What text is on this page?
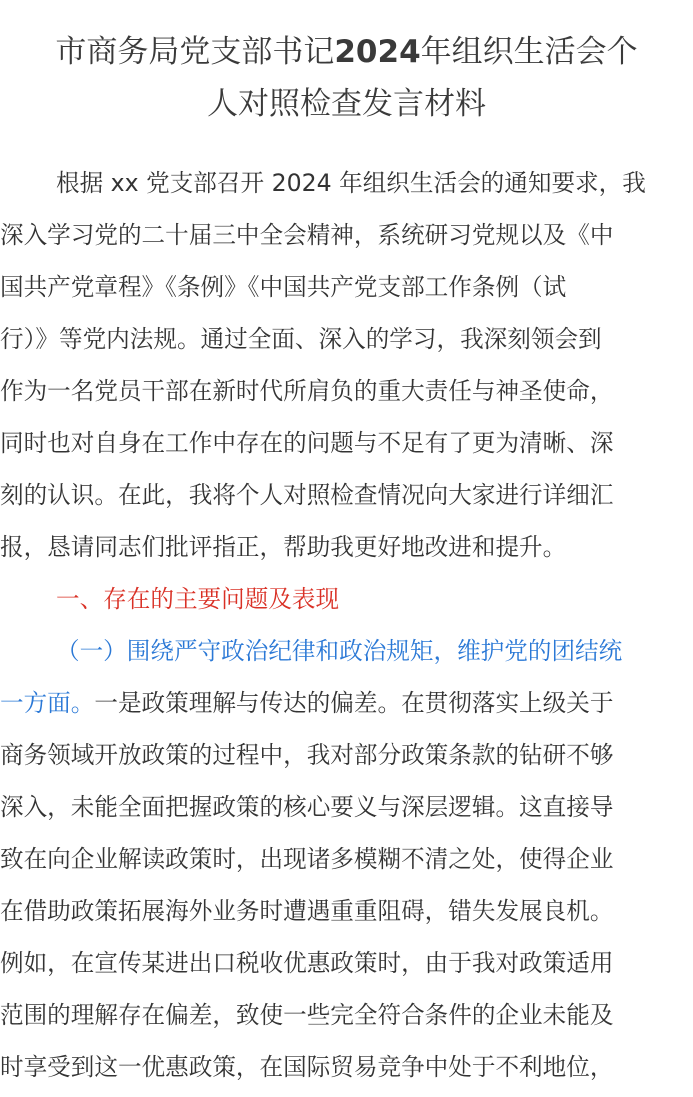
市商务局党支部书记2024年组织生活会个
人对照检查发言材料
根据 xx 党支部召开 2024 年组织生活会的通知要求，我
深入学习党的二十届三中全会精神，系统研习党规以及《中
国共产党章程》《条例》《中国共产党支部工作条例（试
行）》等党内法规。通过全面、深入的学习，我深刻领会到
作为一名党员干部在新时代所肩负的重大责任与神圣使命，
同时也对自身在工作中存在的问题与不足有了更为清晰、深
刻的认识。在此，我将个人对照检查情况向大家进行详细汇
报，恳请同志们批评指正，帮助我更好地改进和提升。
一、存在的主要问题及表现
（一）围绕严守政治纪律和政治规矩，维护党的团结统
一方面。一是政策理解与传达的偏差。在贯彻落实上级关于
商务领域开放政策的过程中，我对部分政策条款的钻研不够
深入，未能全面把握政策的核心要义与深层逻辑。这直接导
致在向企业解读政策时，出现诸多模糊不清之处，使得企业
在借助政策拓展海外业务时遭遇重重阻碍，错失发展良机。
例如，在宣传某进出口税收优惠政策时，由于我对政策适用
范围的理解存在偏差，致使一些完全符合条件的企业未能及
时享受到这一优惠政策，在国际贸易竞争中处于不利地位，
